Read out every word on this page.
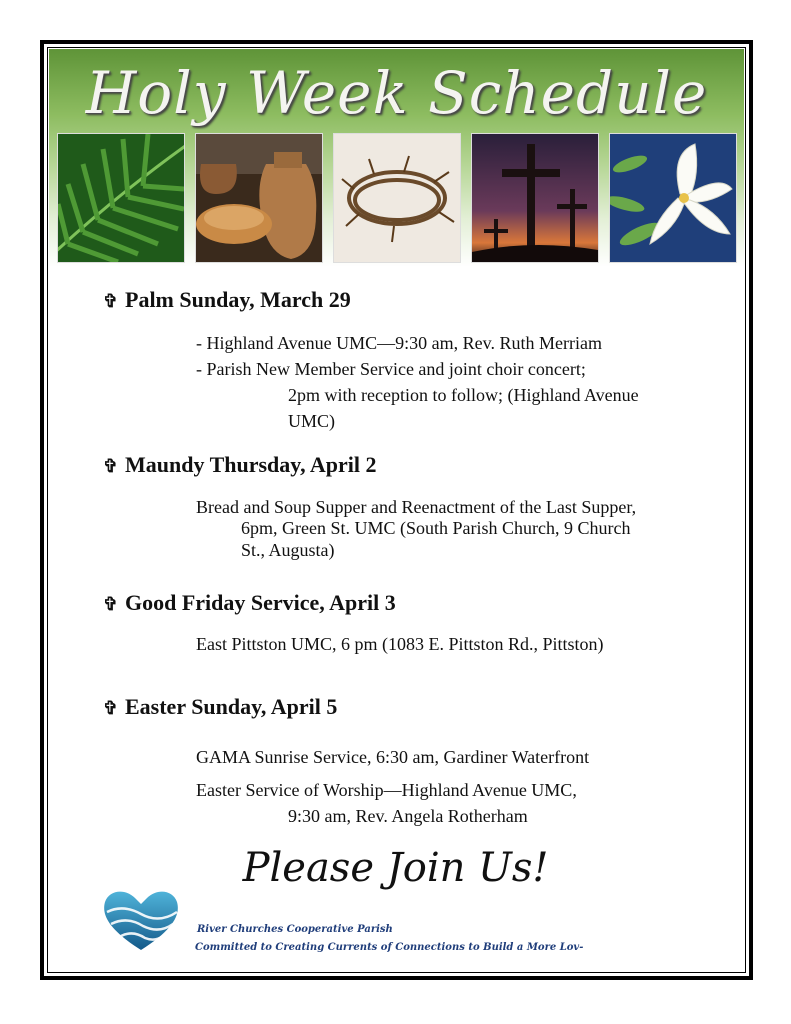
Holy Week Schedule
✞ Palm Sunday, March 29
- Highland Avenue UMC—9:30 am, Rev. Ruth Merriam
- Parish New Member Service and joint choir concert;
2pm with reception to follow; (Highland Avenue
UMC)
✞ Maundy Thursday, April 2
Bread and Soup Supper and Reenactment of the Last Supper,
6pm, Green St. UMC (South Parish Church, 9 Church
St., Augusta)
✞ Good Friday Service, April 3
East Pittston UMC, 6 pm (1083 E. Pittston Rd., Pittston)
✞ Easter Sunday, April 5
GAMA Sunrise Service, 6:30 am, Gardiner Waterfront
Easter Service of Worship—Highland Avenue UMC,
9:30 am, Rev. Angela Rotherham
Please Join Us!
River Churches Cooperative Parish
Committed to Creating Currents of Connections to Build a More Lov-
